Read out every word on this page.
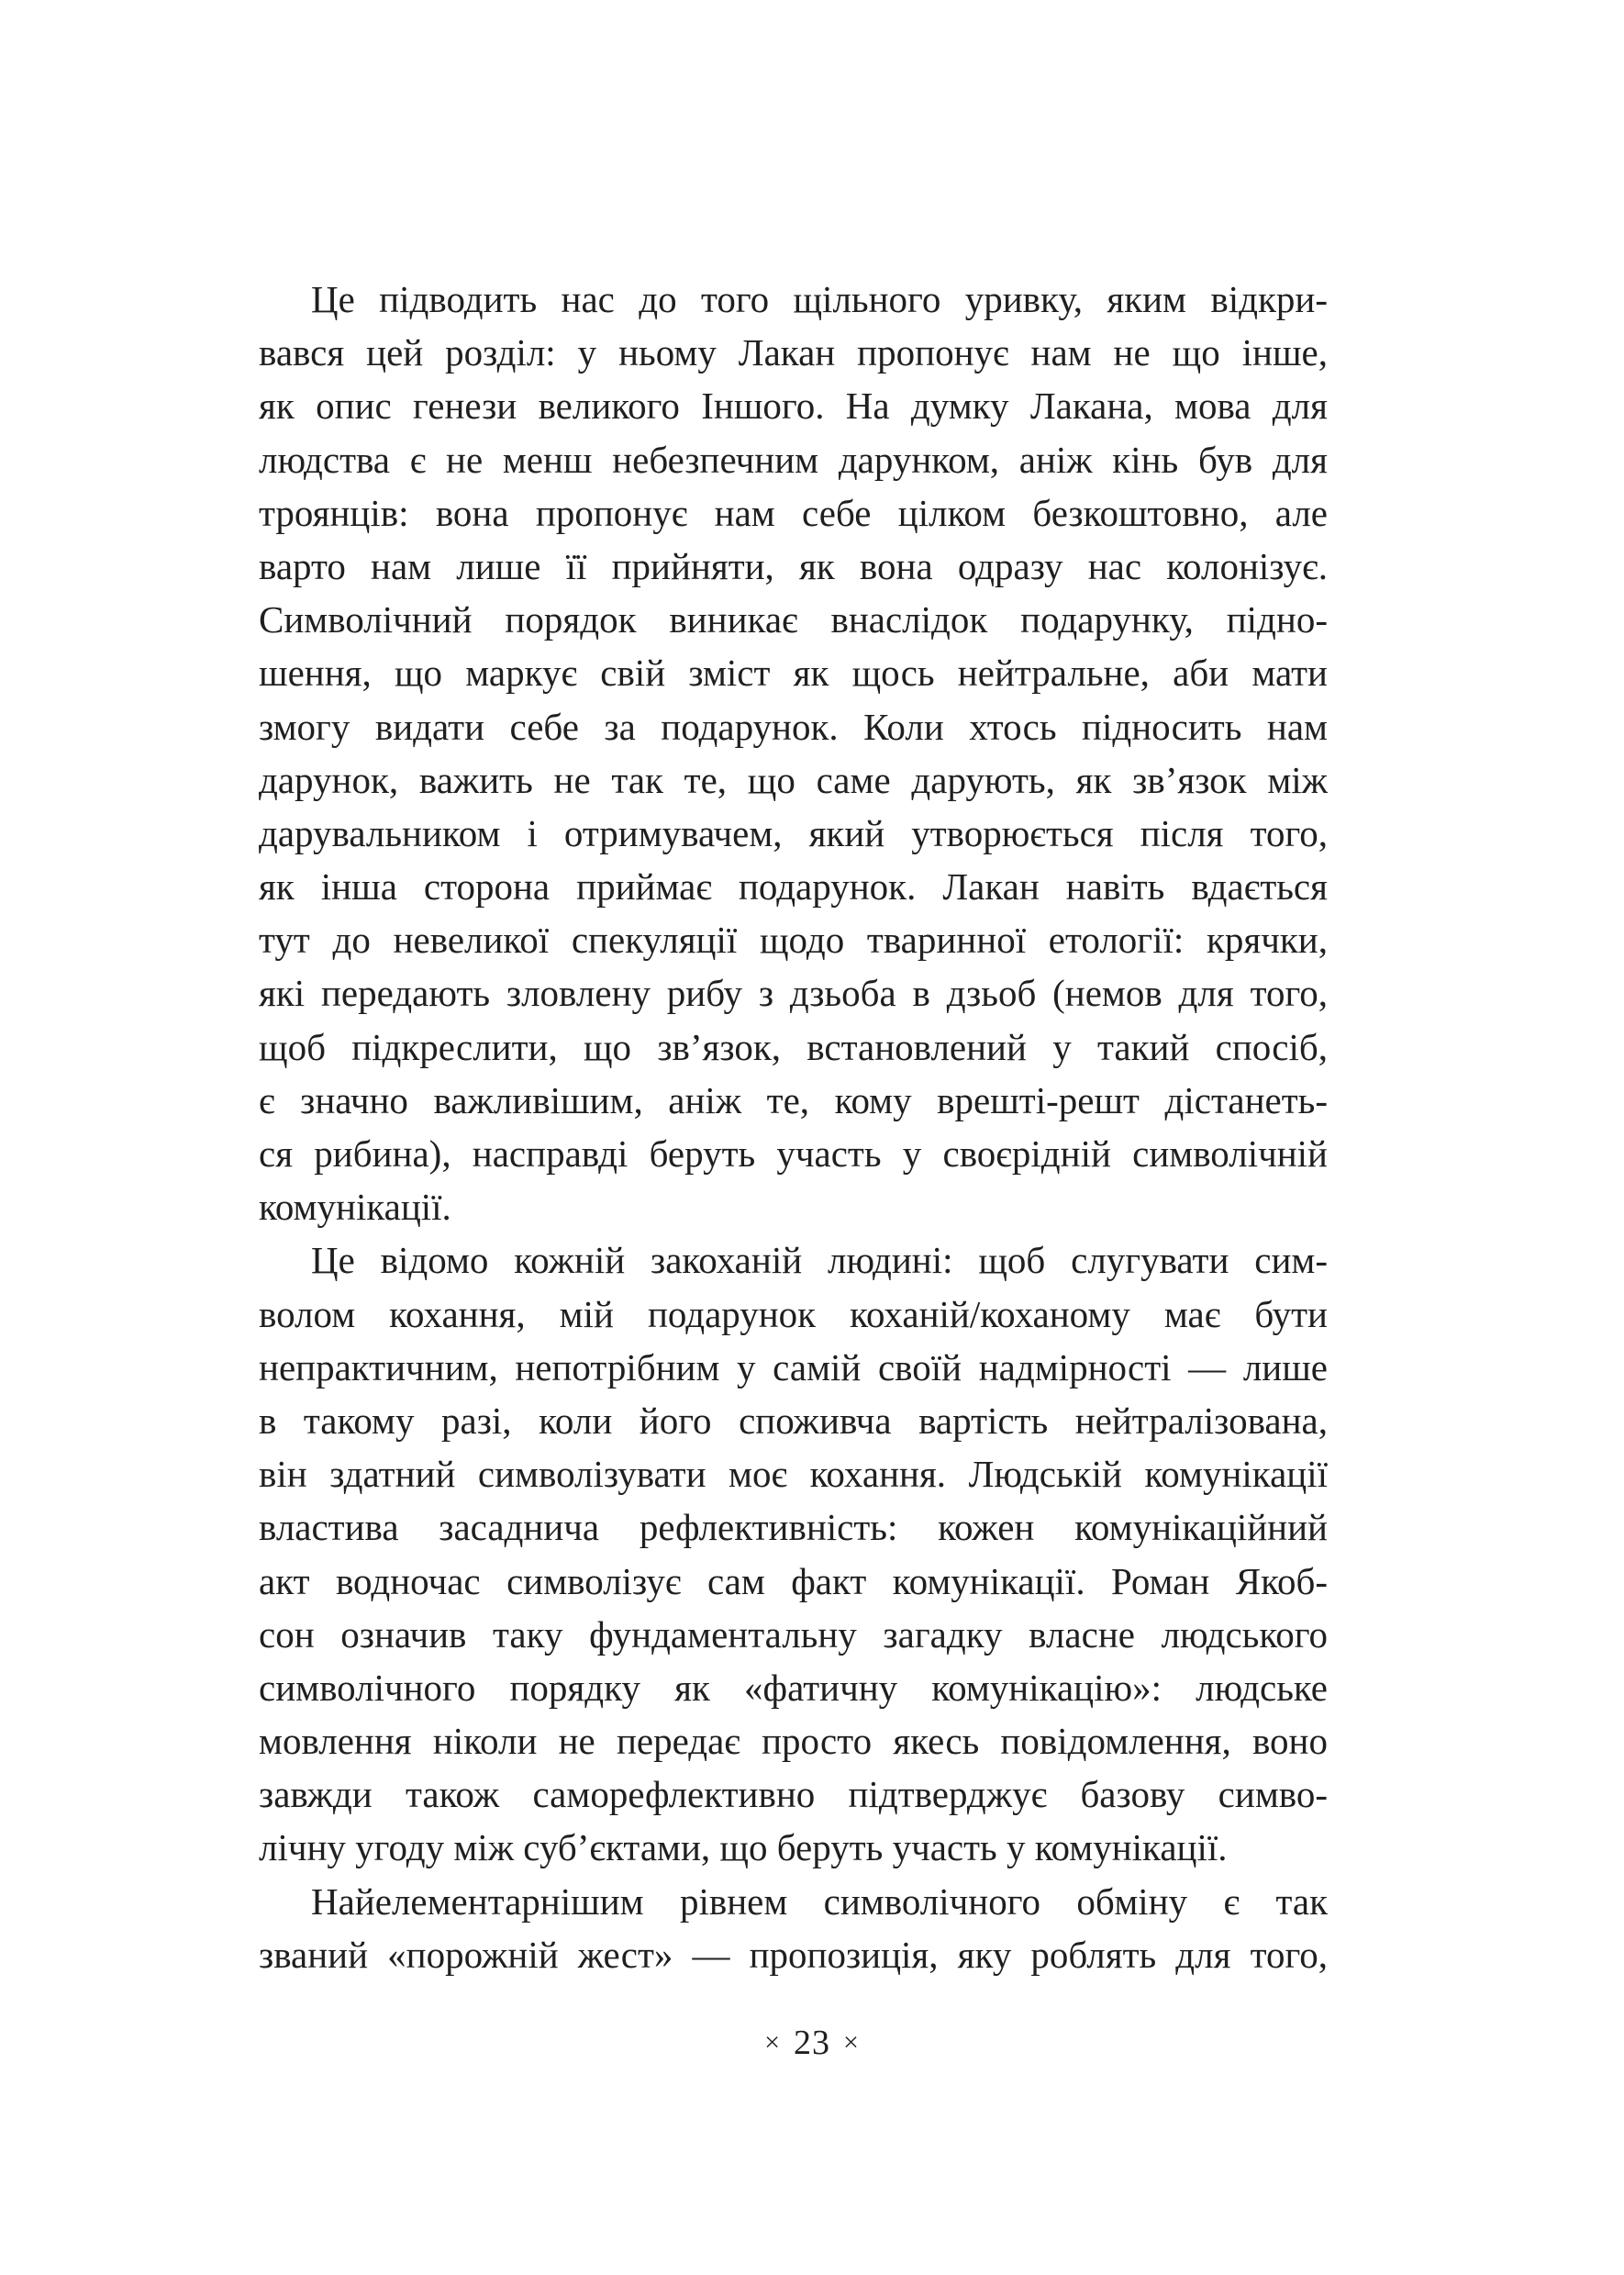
Це підводить нас до того щільного уривку, яким відкри-
вався цей розділ: у ньому Лакан пропонує нам не що інше,
як опис генези великого Іншого. На думку Лакана, мова для
людства є не менш небезпечним дарунком, аніж кінь був для
троянців: вона пропонує нам себе цілком безкоштовно, але
варто нам лише її прийняти, як вона одразу нас колонізує.
Символічний порядок виникає внаслідок подарунку, підно-
шення, що маркує свій зміст як щось нейтральне, аби мати
змогу видати себе за подарунок. Коли хтось підносить нам
дарунок, важить не так те, що саме дарують, як зв’язок між
дарувальником і отримувачем, який утворюється після того,
як інша сторона приймає подарунок. Лакан навіть вдається
тут до невеликої спекуляції щодо тваринної етології: крячки,
які передають зловлену рибу з дзьоба в дзьоб (немов для того,
щоб підкреслити, що зв’язок, встановлений у такий спосіб,
є значно важливішим, аніж те, кому врешті-решт дістанеть-
ся рибина), насправді беруть участь у своєрідній символічній
комунікації.
Це відомо кожній закоханій людині: щоб слугувати сим-
волом кохання, мій подарунок коханій/коханому має бути
непрактичним, непотрібним у самій своїй надмірності — лише
в такому разі, коли його споживча вартість нейтралізована,
він здатний символізувати моє кохання. Людській комунікації
властива засаднича рефлективність: кожен комунікаційний
акт водночас символізує сам факт комунікації. Роман Якоб-
сон означив таку фундаментальну загадку власне людського
символічного порядку як «фатичну комунікацію»: людське
мовлення ніколи не передає просто якесь повідомлення, воно
завжди також саморефлективно підтверджує базову симво-
лічну угоду між суб’єктами, що беруть участь у комунікації.
Найелементарнішим рівнем символічного обміну є так
званий «порожній жест» — пропозиція, яку роблять для того,
× 23 ×
